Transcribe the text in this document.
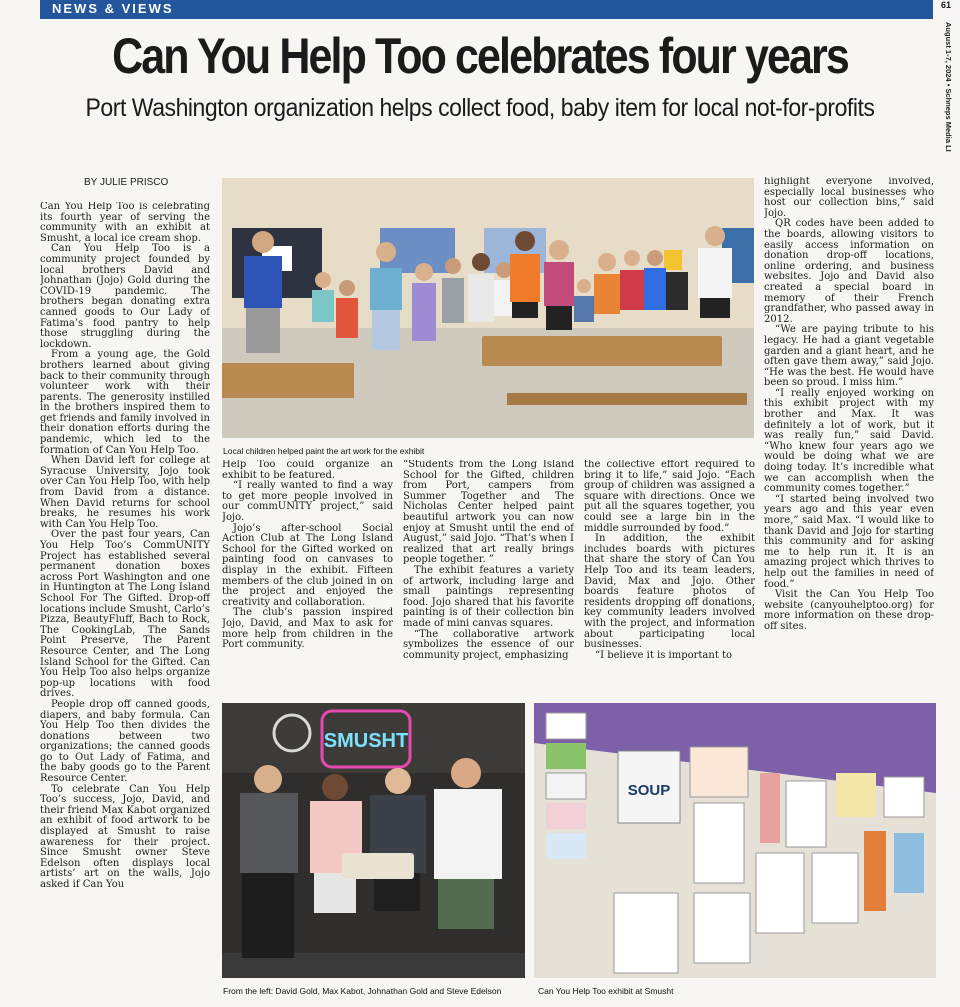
NEWS & VIEWS	61
August 1-7, 2024 • Schneps Media LI
Can You Help Too celebrates four years
Port Washington organization helps collect food, baby item for local not-for-profits
BY JULIE PRISCO

Can You Help Too is celebrating its fourth year of serving the community with an exhibit at Smusht, a local ice cream shop.

Can You Help Too is a community project founded by local brothers David and Johnathan (Jojo) Gold during the COVID-19 pandemic. The brothers began donating extra canned goods to Our Lady of Fatima’s food pantry to help those struggling during the lockdown.

From a young age, the Gold brothers learned about giving back to their community through volunteer work with their parents. The generosity instilled in the brothers inspired them to get friends and family involved in their donation efforts during the pandemic, which led to the formation of Can You Help Too.

When David left for college at Syracuse University, Jojo took over Can You Help Too, with help from David from a distance. When David returns for school breaks, he resumes his work with Can You Help Too.

Over the past four years, Can You Help Too’s CommUNITY Project has established several permanent donation boxes across Port Washington and one in Huntington at The Long Island School For The Gifted. Drop-off locations include Smusht, Carlo’s Pizza, BeautyFluff, Bach to Rock, The CookingLab, The Sands Point Preserve, The Parent Resource Center, and The Long Island School for the Gifted. Can You Help Too also helps organize pop-up locations with food drives.

People drop off canned goods, diapers, and baby formula. Can You Help Too then divides the donations between two organizations; the canned goods go to Out Lady of Fatima, and the baby goods go to the Parent Resource Center.

To celebrate Can You Help Too’s success, Jojo, David, and their friend Max Kabot organized an exhibit of food artwork to be displayed at Smusht to raise awareness for their project. Since Smusht owner Steve Edelson often displays local artists’ art on the walls, Jojo asked if Can You

Help Too could organize an exhibit to be featured.

“I really wanted to find a way to get more people involved in our commUNITY project,” said Jojo.

Jojo’s after-school Social Action Club at The Long Island School for the Gifted worked on painting food on canvases to display in the exhibit. Fifteen members of the club joined in on the project and enjoyed the creativity and collaboration.

The club’s passion inspired Jojo, David, and Max to ask for more help from children in the Port community.

“Students from the Long Island School for the Gifted, children from Port, campers from Summer Together and The Nicholas Center helped paint beautiful artwork you can now enjoy at Smusht until the end of August,” said Jojo. “That’s when I realized that art really brings people together. ”

The exhibit features a variety of artwork, including large and small paintings representing food. Jojo shared that his favorite painting is of their collection bin made of mini canvas squares.

“The collaborative artwork symbolizes the essence of our community project, emphasizing

the collective effort required to bring it to life,” said Jojo. “Each group of children was assigned a square with directions. Once we put all the squares together, you could see a large bin in the middle surrounded by food.”

In addition, the exhibit includes boards with pictures that share the story of Can You Help Too and its team leaders, David, Max and Jojo. Other boards feature photos of residents dropping off donations, key community leaders involved with the project, and information about participating local businesses.

“I believe it is important to

highlight everyone involved, especially local businesses who host our collection bins,” said Jojo.

QR codes have been added to the boards, allowing visitors to easily access information on donation drop-off locations, online ordering, and business websites. Jojo and David also created a special board in memory of their French grandfather, who passed away in 2012.

“We are paying tribute to his legacy. He had a giant vegetable garden and a giant heart, and he often gave them away,” said Jojo. “He was the best. He would have been so proud. I miss him.”

“I really enjoyed working on this exhibit project with my brother and Max. It was definitely a lot of work, but it was really fun,” said David. “Who knew four years ago we would be doing what we are doing today. It’s incredible what we can accomplish when the community comes together.”

“I started being involved two years ago and this year even more,” said Max. “I would like to thank David and Jojo for starting this community and for asking me to help run it. It is an amazing project which thrives to help out the families in need of food.”

Visit the Can You Help Too website (canyouhelptoo.org) for more information on these drop-off sites.

Local children helped paint the art work for the exhibit
SMUSHT
From the left: David Gold, Max Kabot, Johnathan Gold and Steve Edelson
SOUP
Can You Help Too exhibit at Smusht
